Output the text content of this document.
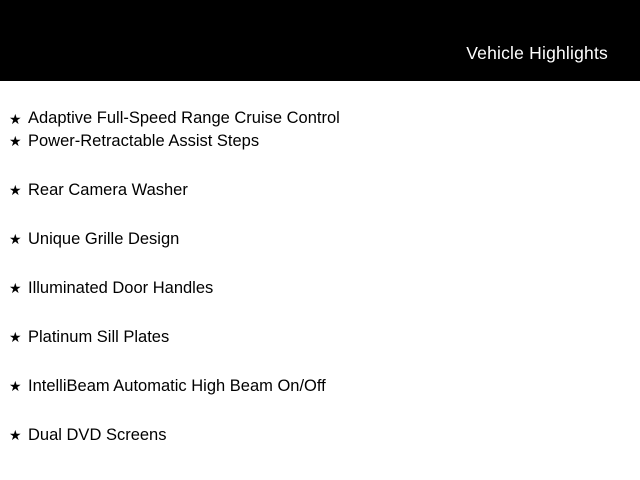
Vehicle Highlights
★ Adaptive Full-Speed Range Cruise Control
★ Power-Retractable Assist Steps
★ Rear Camera Washer
★ Unique Grille Design
★ Illuminated Door Handles
★ Platinum Sill Plates
★ IntelliBeam Automatic High Beam On/Off
★ Dual DVD Screens
